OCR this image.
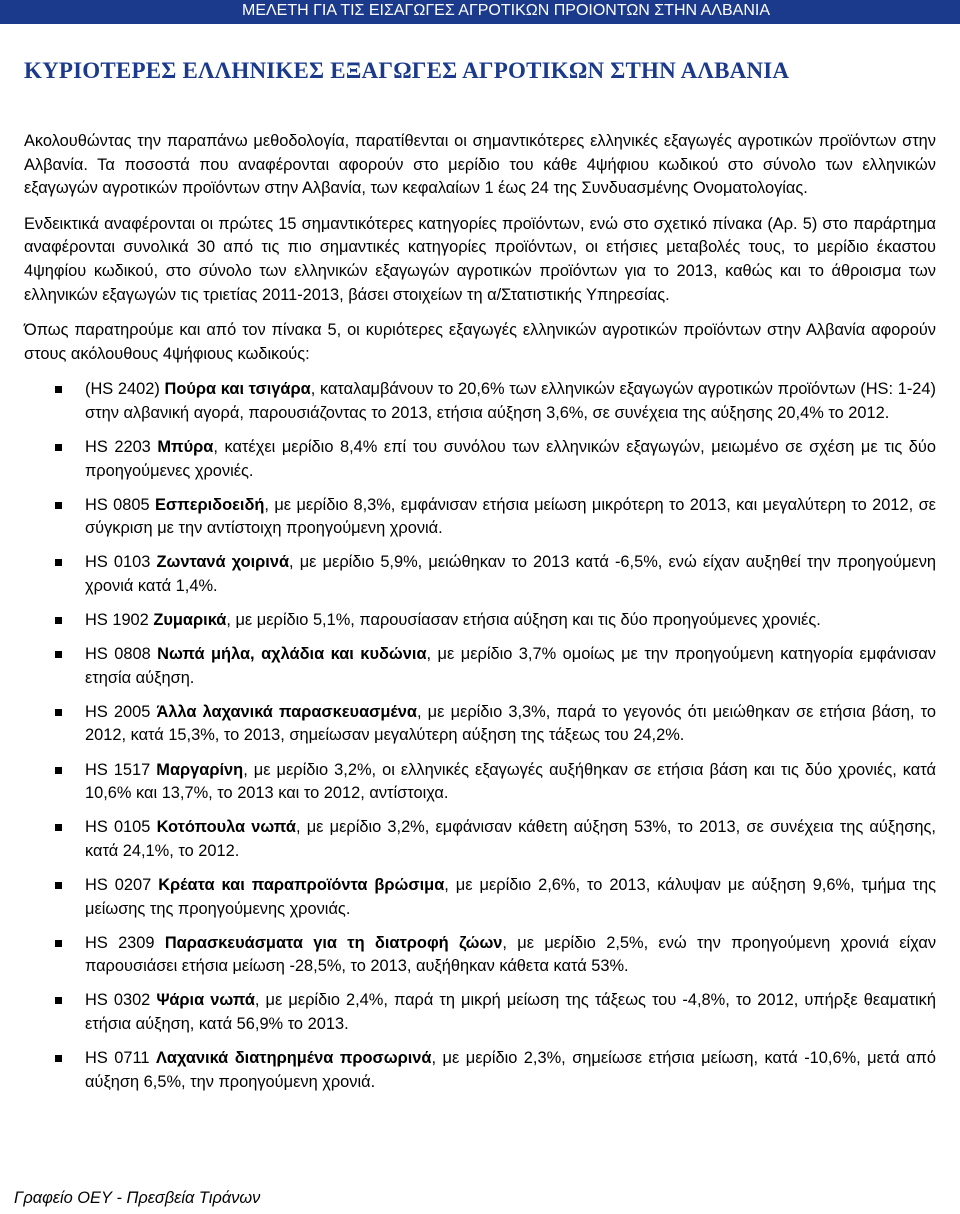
ΜΕΛΕΤΗ ΓΙΑ ΤΙΣ ΕΙΣΑΓΩΓΕΣ ΑΓΡΟΤΙΚΩΝ ΠΡΟΙΟΝΤΩΝ ΣΤΗΝ ΑΛΒΑΝΙΑ
ΚΥΡΙΟΤΕΡΕΣ ΕΛΛΗΝΙΚΕΣ ΕΞΑΓΩΓΕΣ ΑΓΡΟΤΙΚΩΝ ΣΤΗΝ ΑΛΒΑΝΙΑ

Ακολουθώντας την παραπάνω μεθοδολογία, παρατίθενται οι σημαντικότερες ελληνικές εξαγωγές αγροτικών προϊόντων στην Αλβανία. Τα ποσοστά που αναφέρονται αφορούν στο μερίδιο του κάθε 4ψήφιου κωδικού στο σύνολο των ελληνικών εξαγωγών αγροτικών προϊόντων στην Αλβανία, των κεφαλαίων 1 έως 24 της Συνδυασμένης Ονοματολογίας.

Ενδεικτικά αναφέρονται οι πρώτες 15 σημαντικότερες κατηγορίες προϊόντων, ενώ στο σχετικό πίνακα (Αρ. 5) στο παράρτημα αναφέρονται συνολικά 30 από τις πιο σημαντικές κατηγορίες προϊόντων, οι ετήσιες μεταβολές τους, το μερίδιο έκαστου 4ψηφίου κωδικού, στο σύνολο των ελληνικών εξαγωγών αγροτικών προϊόντων για το 2013, καθώς και το άθροισμα των ελληνικών εξαγωγών τις τριετίας 2011-2013, βάσει στοιχείων τη α/Στατιστικής Υπηρεσίας.

Όπως παρατηρούμε και από τον πίνακα 5, οι κυριότερες εξαγωγές ελληνικών αγροτικών προϊόντων στην Αλβανία αφορούν στους ακόλουθους 4ψήφιους κωδικούς:

(HS 2402) Πούρα και τσιγάρα, καταλαμβάνουν το 20,6% των ελληνικών εξαγωγών αγροτικών προϊόντων (HS: 1-24) στην αλβανική αγορά, παρουσιάζοντας το 2013, ετήσια αύξηση 3,6%, σε συνέχεια της αύξησης 20,4% το 2012.
HS 2203 Μπύρα, κατέχει μερίδιο 8,4% επί του συνόλου των ελληνικών εξαγωγών, μειωμένο σε σχέση με τις δύο προηγούμενες χρονιές.
HS 0805 Εσπεριδοειδή, με μερίδιο 8,3%, εμφάνισαν ετήσια μείωση μικρότερη το 2013, και μεγαλύτερη το 2012, σε σύγκριση με την αντίστοιχη προηγούμενη χρονιά.
HS 0103 Ζωντανά χοιρινά, με μερίδιο 5,9%, μειώθηκαν το 2013 κατά -6,5%, ενώ είχαν αυξηθεί την προηγούμενη χρονιά κατά 1,4%.
HS 1902 Ζυμαρικά, με μερίδιο 5,1%, παρουσίασαν ετήσια αύξηση και τις δύο προηγούμενες χρονιές.
HS 0808 Νωπά μήλα, αχλάδια και κυδώνια, με μερίδιο 3,7% ομοίως με την προηγούμενη κατηγορία εμφάνισαν ετησία αύξηση.
HS 2005 Άλλα λαχανικά παρασκευασμένα, με μερίδιο 3,3%, παρά το γεγονός ότι μειώθηκαν σε ετήσια βάση, το 2012, κατά 15,3%, το 2013, σημείωσαν μεγαλύτερη αύξηση της τάξεως του 24,2%.
HS 1517 Μαργαρίνη, με μερίδιο 3,2%, οι ελληνικές εξαγωγές αυξήθηκαν σε ετήσια βάση και τις δύο χρονιές, κατά 10,6% και 13,7%, το 2013 και το 2012, αντίστοιχα.
HS 0105 Κοτόπουλα νωπά, με μερίδιο 3,2%, εμφάνισαν κάθετη αύξηση 53%, το 2013, σε συνέχεια της αύξησης, κατά 24,1%, το 2012.
HS 0207 Κρέατα και παραπροϊόντα βρώσιμα, με μερίδιο 2,6%, το 2013, κάλυψαν με αύξηση 9,6%, τμήμα της μείωσης της προηγούμενης χρονιάς.
HS 2309 Παρασκευάσματα για τη διατροφή ζώων, με μερίδιο 2,5%, ενώ την προηγούμενη χρονιά είχαν παρουσιάσει ετήσια μείωση -28,5%, το 2013, αυξήθηκαν κάθετα κατά 53%.
HS 0302 Ψάρια νωπά, με μερίδιο 2,4%, παρά τη μικρή μείωση της τάξεως του -4,8%, το 2012, υπήρξε θεαματική ετήσια αύξηση, κατά 56,9% το 2013.
HS 0711 Λαχανικά διατηρημένα προσωρινά, με μερίδιο 2,3%, σημείωσε ετήσια μείωση, κατά -10,6%, μετά από αύξηση 6,5%, την προηγούμενη χρονιά.
Γραφείο ΟΕΥ - Πρεσβεία Τιράνων
